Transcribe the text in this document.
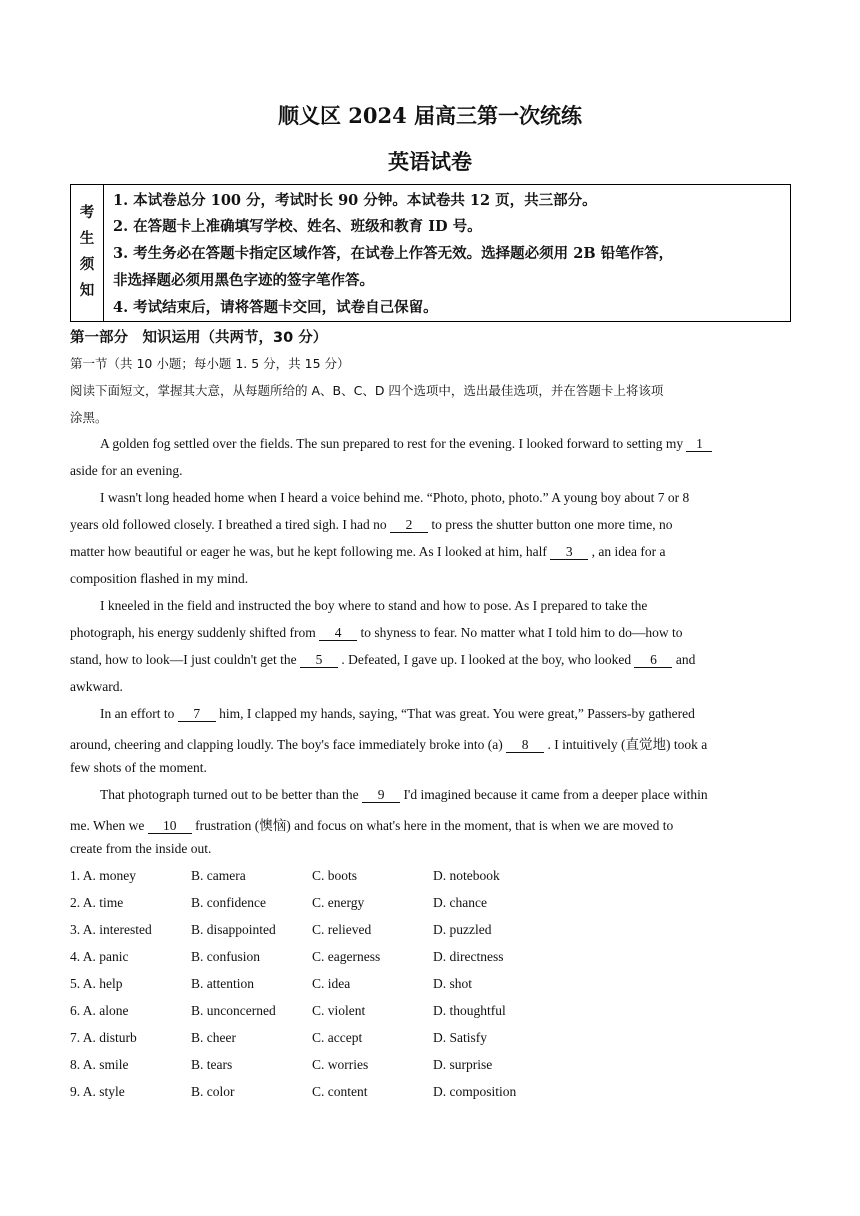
顺义区 2024 届高三第一次统练
英语试卷
考
生
须
知
1. 本试卷总分 100 分，考试时长 90 分钟。本试卷共 12 页，共三部分。
2. 在答题卡上准确填写学校、姓名、班级和教育 ID 号。
3. 考生务必在答题卡指定区域作答，在试卷上作答无效。选择题必须用 2B 铅笔作答，
非选择题必须用黑色字迹的签字笔作答。
4. 考试结束后，请将答题卡交回，试卷自己保留。
第一部分　知识运用（共两节，30 分）
第一节（共 10 小题；每小题 1. 5 分，共 15 分）
阅读下面短文，掌握其大意，从每题所给的 A、B、C、D 四个选项中，选出最佳选项，并在答题卡上将该项
涂黑。
A golden fog settled over the fields. The sun prepared to rest for the evening. I looked forward to setting my 1
aside for an evening.
I wasn't long headed home when I heard a voice behind me. “Photo, photo, photo.” A young boy about 7 or 8
years old followed closely. I breathed a tired sigh. I had no 2 to press the shutter button one more time, no
matter how beautiful or eager he was, but he kept following me. As I looked at him, half 3 , an idea for a
composition flashed in my mind.
I kneeled in the field and instructed the boy where to stand and how to pose. As I prepared to take the
photograph, his energy suddenly shifted from 4 to shyness to fear. No matter what I told him to do—how to
stand, how to look—I just couldn't get the 5 . Defeated, I gave up. I looked at the boy, who looked 6 and
awkward.
In an effort to 7 him, I clapped my hands, saying, “That was great. You were great,” Passers-by gathered
around, cheering and clapping loudly. The boy's face immediately broke into (a) 8 . I intuitively (直觉地) took a
few shots of the moment.
That photograph turned out to be better than the 9 I'd imagined because it came from a deeper place within
me. When we 10 frustration (懊恼) and focus on what's here in the moment, that is when we are moved to
create from the inside out.
1. A. money	B. camera	C. boots	D. notebook
2. A. time	B. confidence	C. energy	D. chance
3. A. interested	B. disappointed	C. relieved	D. puzzled
4. A. panic	B. confusion	C. eagerness	D. directness
5. A. help	B. attention	C. idea	D. shot
6. A. alone	B. unconcerned	C. violent	D. thoughtful
7. A. disturb	B. cheer	C. accept	D. Satisfy
8. A. smile	B. tears	C. worries	D. surprise
9. A. style	B. color	C. content	D. composition
